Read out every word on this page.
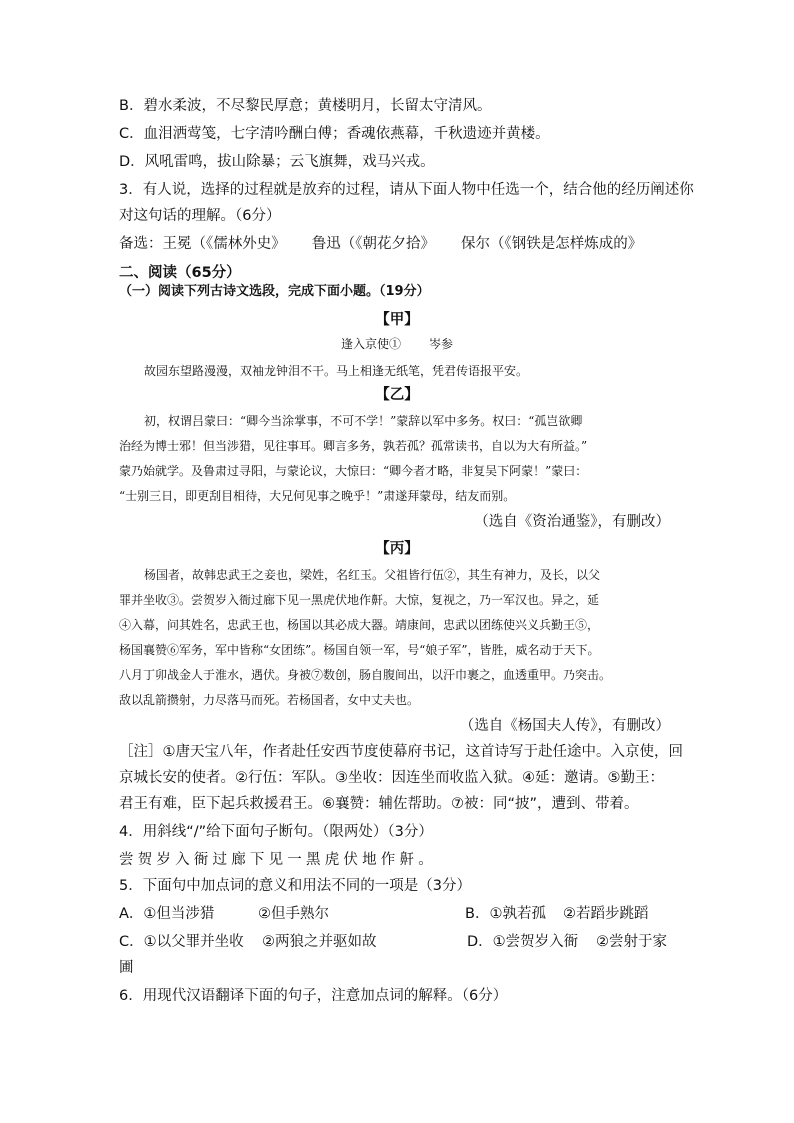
B．碧水柔波，不尽黎民厚意；黄楼明月，长留太守清风。
C．血泪洒莺笺，七字清吟酬白傅；香魂依燕幕，千秋遗迹并黄楼。
D．风吼雷鸣，拔山除暴；云飞旗舞，戏马兴戎。
3．有人说，选择的过程就是放弃的过程，请从下面人物中任选一个，结合他的经历阐述你
对这句话的理解。（6分）
备选：王冕（《儒林外史》 鲁迅（《朝花夕拾》 保尔（《钢铁是怎样炼成的》
二、阅读（65分）
（一）阅读下列古诗文选段，完成下面小题。（19分）
【甲】
逢入京使① 岑参
故园东望路漫漫，双袖龙钟泪不干。马上相逢无纸笔，凭君传语报平安。
【乙】
初，权谓吕蒙曰：“卿今当涂掌事，不可不学！”蒙辞以军中多务。权曰：“孤岂欲卿
治经为博士邪！但当涉猎，见往事耳。卿言多务，孰若孤？孤常读书，自以为大有所益。”
蒙乃始就学。及鲁肃过寻阳，与蒙论议，大惊曰：“卿今者才略，非复吴下阿蒙！”蒙曰：
“士别三日，即更刮目相待，大兄何见事之晚乎！”肃遂拜蒙母，结友而别。
（选自《资治通鉴》，有删改）
【丙】
杨国者，故韩忠武王之妾也，梁姓，名红玉。父祖皆行伍②，其生有神力，及长，以父
罪并坐收③。尝贺岁入衙过廊下见一黑虎伏地作鼾。大惊，复视之，乃一军汉也。异之，延
④入幕，问其姓名，忠武王也，杨国以其必成大器。靖康间，忠武以团练使兴义兵勤王⑤，
杨国襄赞⑥军务，军中皆称“女团练”。杨国自领一军，号“娘子军”，皆胜，威名动于天下。
八月丁卯战金人于淮水，遇伏。身被⑦数创，肠自腹间出，以汗巾裹之，血透重甲。乃突击。
敌以乱箭攒射，力尽落马而死。若杨国者，女中丈夫也。
（选自《杨国夫人传》，有删改）
［注］①唐天宝八年，作者赴任安西节度使幕府书记，这首诗写于赴任途中。入京使，回
京城长安的使者。②行伍：军队。③坐收：因连坐而收监入狱。④延：邀请。⑤勤王：
君王有难，臣下起兵救援君王。⑥襄赞：辅佐帮助。⑦被：同“披”，遭到、带着。
4．用斜线“/”给下面句子断句。（限两处）（3分）
尝贺岁入衙过廊下见一黑虎伏地作鼾。
5．下面句中加点词的意义和用法不同的一项是（3分）
A．①但当涉猎	②但手熟尔	B．①孰若孤 ②若蹈步跳蹈
C．①以父罪并坐收 ②两狼之并驱如故	D．①尝贺岁入衙 ②尝射于家
圃
6．用现代汉语翻译下面的句子，注意加点词的解释。（6分）
